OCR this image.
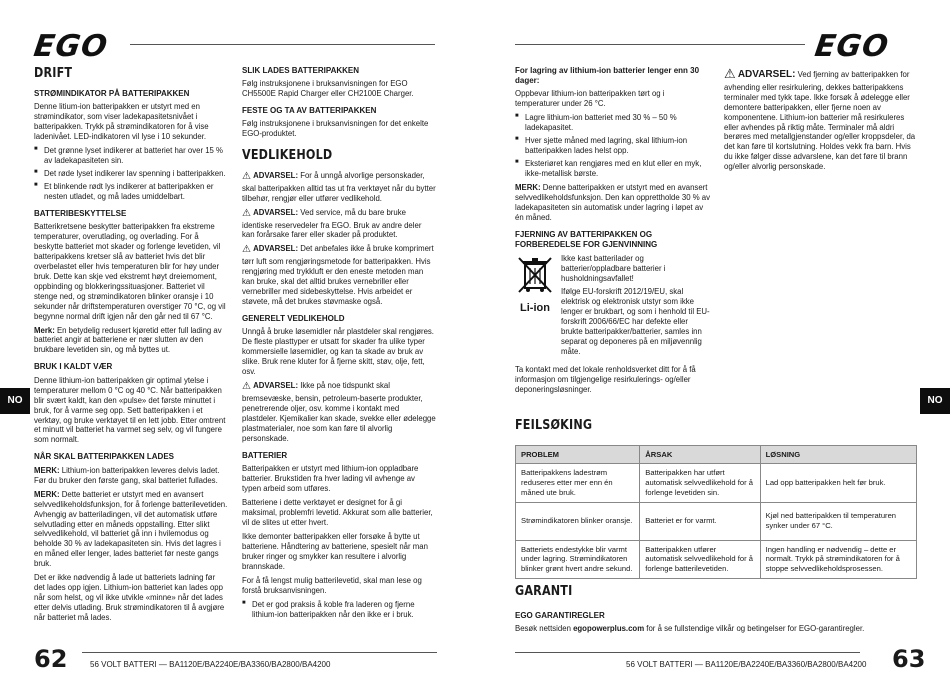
EGO	EGO
NO	NO
DRIFT
STRØMINDIKATOR PÅ BATTERIPAKKEN

Denne litium-ion batteripakken er utstyrt med en strømindikator, som viser ladekapasitetsnivået i batteripakken. Trykk på strømindikatoren for å vise ladenivået. LED-indikatoren vil lyse i 10 sekunder.

■ Det grønne lyset indikerer at batteriet har over 15 % av ladekapasiteten sin.
■ Det røde lyset indikerer lav spenning i batteripakken.
■ Et blinkende rødt lys indikerer at batteripakken er nesten utladet, og må lades umiddelbart.
BATTERIBESKYTTELSE

Batterikretsene beskytter batteripakken fra ekstreme temperaturer, overutlading, og overlading. For å beskytte batteriet mot skader og forlenge levetiden, vil batteripakkens kretser slå av batteriet hvis det blir overbelastet eller hvis temperaturen blir for høy under bruk. Dette kan skje ved ekstremt høyt dreiemoment, oppbinding og blokkeringssituasjoner. Batteriet vil stenge ned, og strømindikatoren blinker oransje i 10 sekunder når driftstemperaturen overstiger 70 °C, og vil begynne normal drift igjen når den går ned til 67 °C.

Merk: En betydelig redusert kjøretid etter full lading av batteriet angir at batteriene er nær slutten av den brukbare levetiden sin, og må byttes ut.

BRUK I KALDT VÆR

Denne lithium-ion batteripakken gir optimal ytelse i temperaturer mellom 0 °C og 40 °C. Når batteripakken blir svært kaldt, kan den «pulse» det første minuttet i bruk, for å varme seg opp. Sett batteripakken i et verktøy, og bruke verktøyet til en lett jobb. Etter omtrent et minutt vil batteriet ha varmet seg selv, og vil fungere som normalt.

NÅR SKAL BATTERIPAKKEN LADES

MERK: Lithium-ion batteripakken leveres delvis ladet. Før du bruker den første gang, skal batteriet fullades.

MERK: Dette batteriet er utstyrt med en avansert selvvedlikeholdsfunksjon, for å forlenge batterilevetiden. Avhengig av batteriladingen, vil det automatisk utføre selvutlading etter en måneds oppstalling. Etter slikt selvvedlikehold, vil batteriet gå inn i hvilemodus og beholde 30 % av ladekapasiteten sin. Hvis det lagres i en måned eller lenger, lades batteriet før neste gangs bruk.

Det er ikke nødvendig å lade ut batteriets ladning før det lades opp igjen. Lithium-ion batteriet kan lades opp når som helst, og vil ikke utvikle «minne» når det lades etter delvis utlading. Bruk strømindikatoren til å avgjøre når batteriet må lades.

SLIK LADES BATTERIPAKKEN

Følg instruksjonene i bruksanvisningen for EGO CH5500E Rapid Charger eller CH2100E Charger.

FESTE OG TA AV BATTERIPAKKEN

Følg instruksjonene i bruksanvisningen for det enkelte EGO-produktet.

VEDLIKEHOLD

⚠ ADVARSEL: For å unngå alvorlige personskader, skal batteripakken alltid tas ut fra verktøyet når du bytter tilbehør, rengjør eller utfører vedlikehold.

⚠ ADVARSEL: Ved service, må du bare bruke identiske reservedeler fra EGO. Bruk av andre deler kan forårsake farer eller skader på produktet.

⚠ ADVARSEL: Det anbefales ikke å bruke komprimert tørr luft som rengjøringsmetode for batteripakken. Hvis rengjøring med trykkluft er den eneste metoden man kan bruke, skal det alltid brukes vernebriller eller vernebriller med sidebeskyttelse. Hvis arbeidet er støvete, må det brukes støvmaske også.

GENERELT VEDLIKEHOLD

Unngå å bruke løsemidler når plastdeler skal rengjøres. De fleste plasttyper er utsatt for skader fra ulike typer kommersielle løsemidler, og kan ta skade av bruk av slike. Bruk rene kluter for å fjerne skitt, støv, olje, fett, osv.

⚠ ADVARSEL: Ikke på noe tidspunkt skal bremsevæske, bensin, petroleum-baserte produkter, penetrerende oljer, osv. komme i kontakt med plastdeler. Kjemikalier kan skade, svekke eller ødelegge plastmaterialer, noe som kan føre til alvorlig personskade.

BATTERIER

Batteripakken er utstyrt med lithium-ion oppladbare batterier. Brukstiden fra hver lading vil avhenge av typen arbeid som utføres.

Batteriene i dette verktøyet er designet for å gi maksimal, problemfri levetid. Akkurat som alle batterier, vil de slites ut etter hvert.

Ikke demonter batteripakken eller forsøke å bytte ut batteriene. Håndtering av batteriene, spesielt når man bruker ringer og smykker kan resultere i alvorlig brannskade.

For å få lengst mulig batterilevetid, skal man lese og forstå bruksanvisningen.

■ Det er god praksis å koble fra laderen og fjerne lithium-ion batteripakken når den ikke er i bruk.
For lagring av lithium-ion batterier lenger enn 30 dager:

Oppbevar lithium-ion batteripakken tørt og i temperaturer under 26 °C.

■ Lagre lithium-ion batteriet med 30 % – 50 % ladekapasitet.
■ Hver sjette måned med lagring, skal lithium-ion batteripakken lades helst opp.
■ Eksteriøret kan rengjøres med en klut eller en myk, ikke-metallisk børste.

MERK: Denne batteripakken er utstyrt med en avansert selvvedlikeholdsfunksjon. Den kan opprettholde 30 % av ladekapasiteten sin automatisk under lagring i løpet av én måned.

FJERNING AV BATTERIPAKKEN OG FORBEREDELSE FOR GJENVINNING
Li-ion

Ikke kast batterilader og batterier/oppladbare batterier i husholdningsavfallet!

Ifølge EU-forskrift 2012/19/EU, skal elektrisk og elektronisk utstyr som ikke lenger er brukbart, og som i henhold til EU-forskrift 2006/66/EC har defekte eller brukte batteripakker/batterier, samles inn separat og deponeres på en miljøvennlig måte.

Ta kontakt med det lokale renholdsverket ditt for å få informasjon om tilgjengelige resirkulerings- og/eller deponeringsløsninger.

⚠ ADVARSEL: Ved fjerning av batteripakken for avhending eller resirkulering, dekkes batteripakkens terminaler med tykk tape. Ikke forsøk å ødelegge eller demontere batteripakken, eller fjerne noen av komponentene. Lithium-ion batterier må resirkuleres eller avhendes på riktig måte. Terminaler må aldri berøres med metallgjenstander og/eller kroppsdeler, da det kan føre til kortslutning. Holdes vekk fra barn. Hvis du ikke følger disse advarslene, kan det føre til brann og/eller alvorlig personskade.

FEILSØKING
PROBLEM	ÅRSAK	LØSNING
Batteripakkens ladestrøm reduseres etter mer enn én måned ute bruk.	Batteripakken har utført automatisk selvvedlikehold for å forlenge levetiden sin.	Lad opp batteripakken helt før bruk.
Strømindikatoren blinker oransje.	Batteriet er for varmt.	Kjøl ned batteripakken til temperaturen synker under 67 °C.
Batteriets endestykke blir varmt under lagring. Strømindikatoren blinker grønt hvert andre sekund.	Batteripakken utfører automatisk selvvedlikehold for å forlenge batterilevetiden.	Ingen handling er nødvendig – dette er normalt. Trykk på strømindikatoren for å stoppe selvvedlikeholdsprosessen.
GARANTI
EGO GARANTIREGLER

Besøk nettsiden egopowerplus.com for å se fullstendige vilkår og betingelser for EGO-garantiregler.

62	56 VOLT BATTERI — BA1120E/BA2240E/BA3360/BA2800/BA4200	56 VOLT BATTERI — BA1120E/BA2240E/BA3360/BA2800/BA4200 63
